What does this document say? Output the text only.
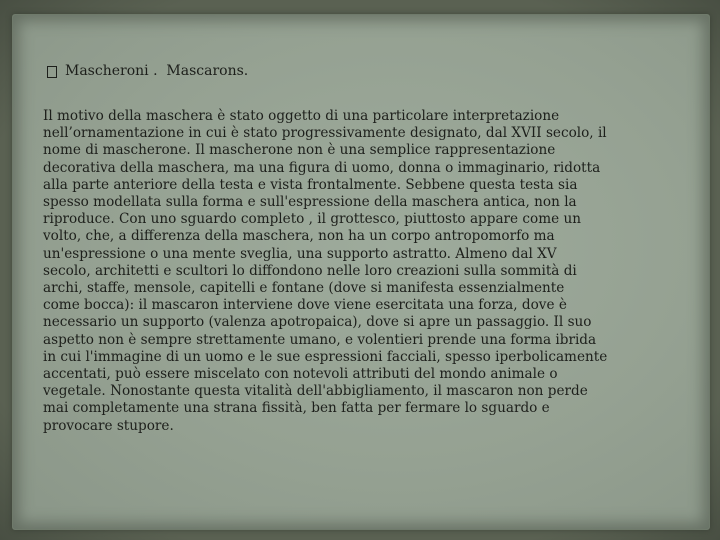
Mascheroni .  Mascarons.
Il motivo della maschera è stato oggetto di una particolare interpretazione
nell’ornamentazione in cui è stato progressivamente designato, dal XVII secolo, il
nome di mascherone. Il mascherone non è una semplice rappresentazione
decorativa della maschera, ma una figura di uomo, donna o immaginario, ridotta
alla parte anteriore della testa e vista frontalmente. Sebbene questa testa sia
spesso modellata sulla forma e sull'espressione della maschera antica, non la
riproduce. Con uno sguardo completo , il grottesco, piuttosto appare come un
volto, che, a differenza della maschera, non ha un corpo antropomorfo ma
un'espressione o una mente sveglia, una supporto astratto. Almeno dal XV
secolo, architetti e scultori lo diffondono nelle loro creazioni sulla sommità di
archi, staffe, mensole, capitelli e fontane (dove si manifesta essenzialmente
come bocca): il mascaron interviene dove viene esercitata una forza, dove è
necessario un supporto (valenza apotropaica), dove si apre un passaggio. Il suo
aspetto non è sempre strettamente umano, e volentieri prende una forma ibrida
in cui l'immagine di un uomo e le sue espressioni facciali, spesso iperbolicamente
accentati, può essere miscelato con notevoli attributi del mondo animale o
vegetale. Nonostante questa vitalità dell'abbigliamento, il mascaron non perde
mai completamente una strana fissità, ben fatta per fermare lo sguardo e
provocare stupore.
